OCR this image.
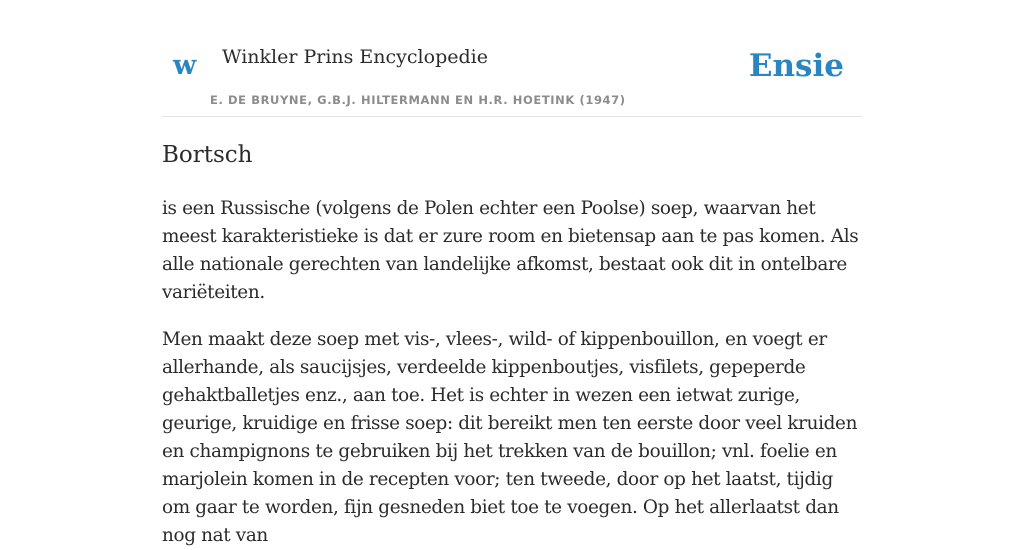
w Winkler Prins Encyclopedie
E. DE BRUYNE, G.B.J. HILTERMANN EN H.R. HOETINK (1947)
Ensie
Bortsch

is een Russische (volgens de Polen echter een Poolse) soep, waarvan het meest karakteristieke is dat er zure room en bietensap aan te pas komen. Als alle nationale gerechten van landelijke afkomst, bestaat ook dit in ontelbare variëteiten.

Men maakt deze soep met vis-, vlees-, wild- of kippenbouillon, en voegt er allerhande, als saucijsjes, verdeelde kippenboutjes, visfilets, gepeperde gehaktballetjes enz., aan toe. Het is echter in wezen een ietwat zurige, geurige, kruidige en frisse soep: dit bereikt men ten eerste door veel kruiden en champignons te gebruiken bij het trekken van de bouillon; vnl. foelie en marjolein komen in de recepten voor; ten tweede, door op het laatst, tijdig om gaar te worden, fijn gesneden biet toe te voegen. Op het allerlaatst dan nog nat van
